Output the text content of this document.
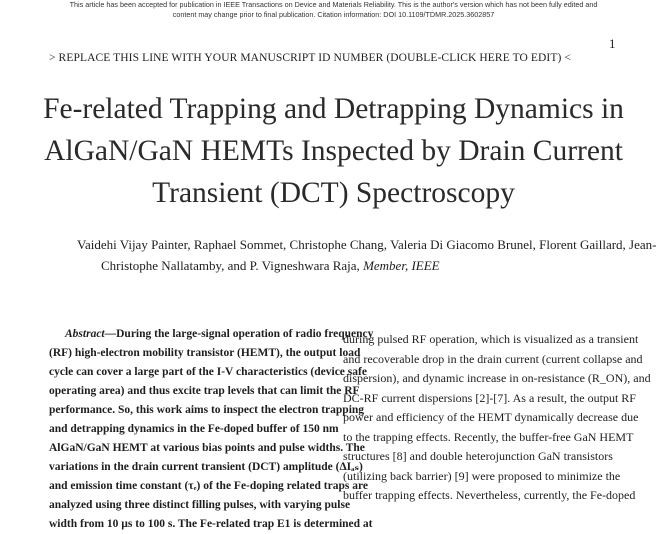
This article has been accepted for publication in IEEE Transactions on Device and Materials Reliability. This is the author's version which has not been fully edited and
content may change prior to final publication. Citation information: DOI 10.1109/TDMR.2025.3602857
1
> REPLACE THIS LINE WITH YOUR MANUSCRIPT ID NUMBER (DOUBLE-CLICK HERE TO EDIT) <
Fe-related Trapping and Detrapping Dynamics in
AlGaN/GaN HEMTs Inspected by Drain Current
Transient (DCT) Spectroscopy
Vaidehi Vijay Painter, Raphael Sommet, Christophe Chang, Valeria Di Giacomo Brunel, Florent Gaillard, Jean-
Christophe Nallatamby, and P. Vigneshwara Raja, Member, IEEE
Abstract—During the large-signal operation of radio frequency
(RF) high-electron mobility transistor (HEMT), the output load
cycle can cover a large part of the I-V characteristics (device safe
operating area) and thus excite trap levels that can limit the RF
performance. So, this work aims to inspect the electron trapping
and detrapping dynamics in the Fe-doped buffer of 150 nm
AlGaN/GaN HEMT at various bias points and pulse widths. The
variations in the drain current transient (DCT) amplitude (ΔIₐₛ)
and emission time constant (τₑ) of the Fe-doping related traps are
analyzed using three distinct filling pulses, with varying pulse
width from 10 µs to 100 s. The Fe-related trap E1 is determined at
during pulsed RF operation, which is visualized as a transient
and recoverable drop in the drain current (current collapse and
dispersion), and dynamic increase in on-resistance (R_ON), and
DC-RF current dispersions [2]-[7]. As a result, the output RF
power and efficiency of the HEMT dynamically decrease due
to the trapping effects. Recently, the buffer-free GaN HEMT
structures [8] and double heterojunction GaN transistors
(utilizing back barrier) [9] were proposed to minimize the
buffer trapping effects. Nevertheless, currently, the Fe-doped
